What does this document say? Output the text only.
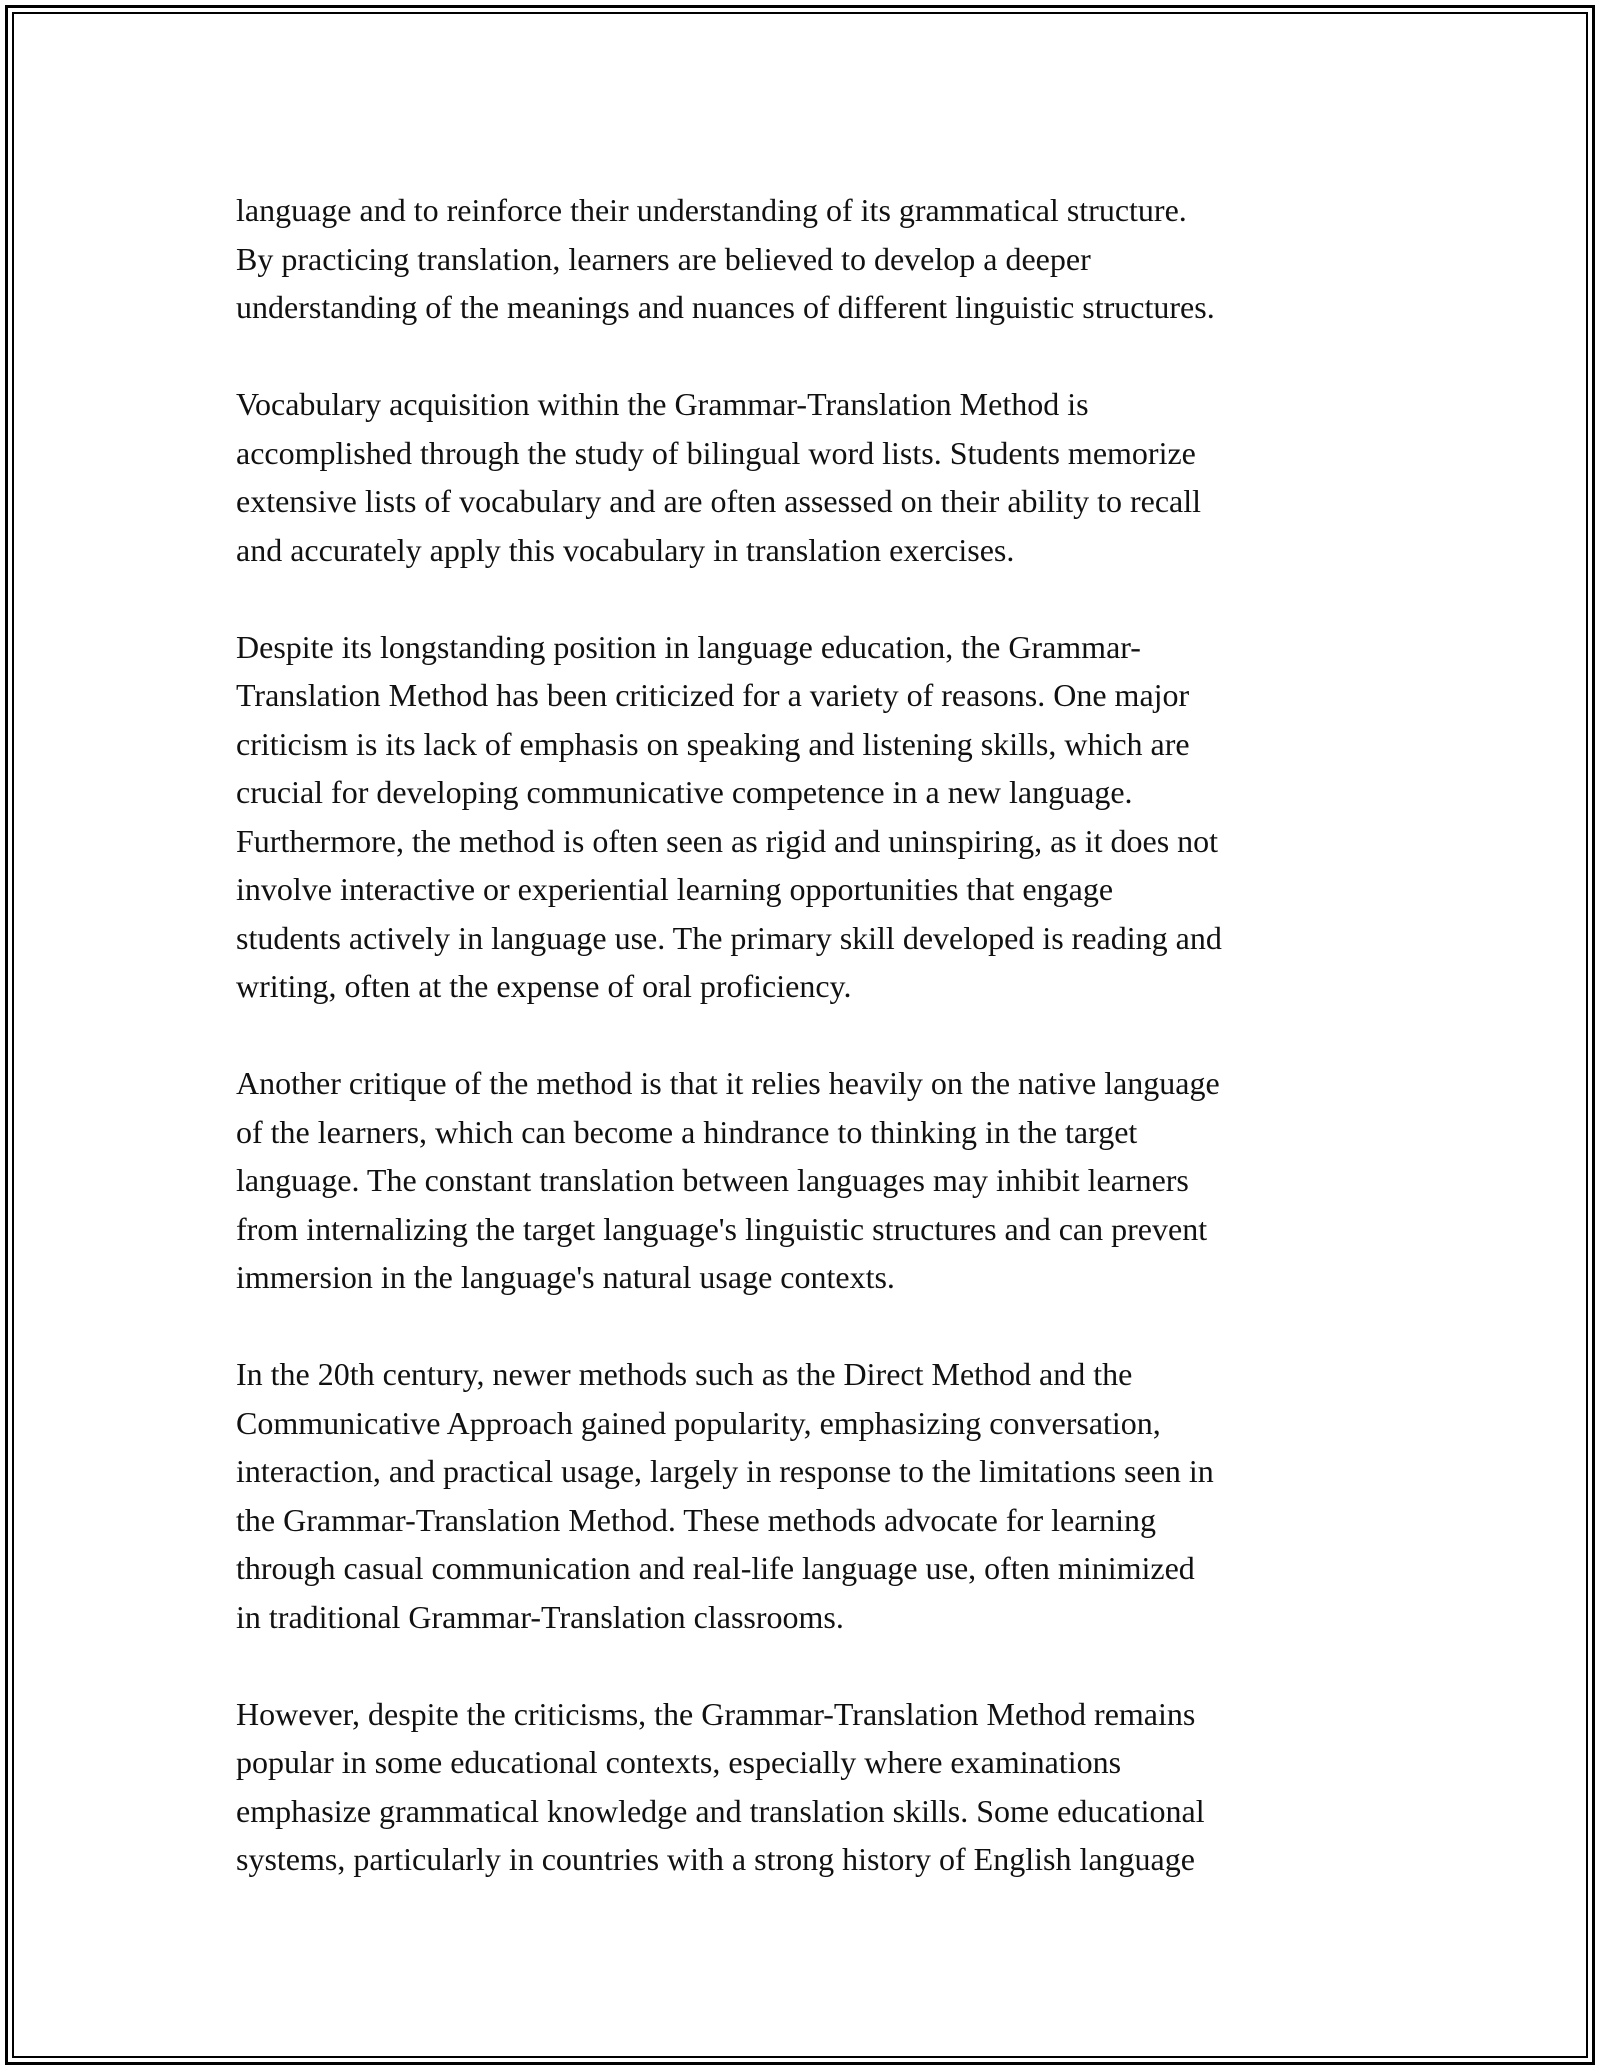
language and to reinforce their understanding of its grammatical structure.
By practicing translation, learners are believed to develop a deeper
understanding of the meanings and nuances of different linguistic structures.

Vocabulary acquisition within the Grammar-Translation Method is
accomplished through the study of bilingual word lists. Students memorize
extensive lists of vocabulary and are often assessed on their ability to recall
and accurately apply this vocabulary in translation exercises.

Despite its longstanding position in language education, the Grammar-
Translation Method has been criticized for a variety of reasons. One major
criticism is its lack of emphasis on speaking and listening skills, which are
crucial for developing communicative competence in a new language.
Furthermore, the method is often seen as rigid and uninspiring, as it does not
involve interactive or experiential learning opportunities that engage
students actively in language use. The primary skill developed is reading and
writing, often at the expense of oral proficiency.

Another critique of the method is that it relies heavily on the native language
of the learners, which can become a hindrance to thinking in the target
language. The constant translation between languages may inhibit learners
from internalizing the target language's linguistic structures and can prevent
immersion in the language's natural usage contexts.

In the 20th century, newer methods such as the Direct Method and the
Communicative Approach gained popularity, emphasizing conversation,
interaction, and practical usage, largely in response to the limitations seen in
the Grammar-Translation Method. These methods advocate for learning
through casual communication and real-life language use, often minimized
in traditional Grammar-Translation classrooms.

However, despite the criticisms, the Grammar-Translation Method remains
popular in some educational contexts, especially where examinations
emphasize grammatical knowledge and translation skills. Some educational
systems, particularly in countries with a strong history of English language
